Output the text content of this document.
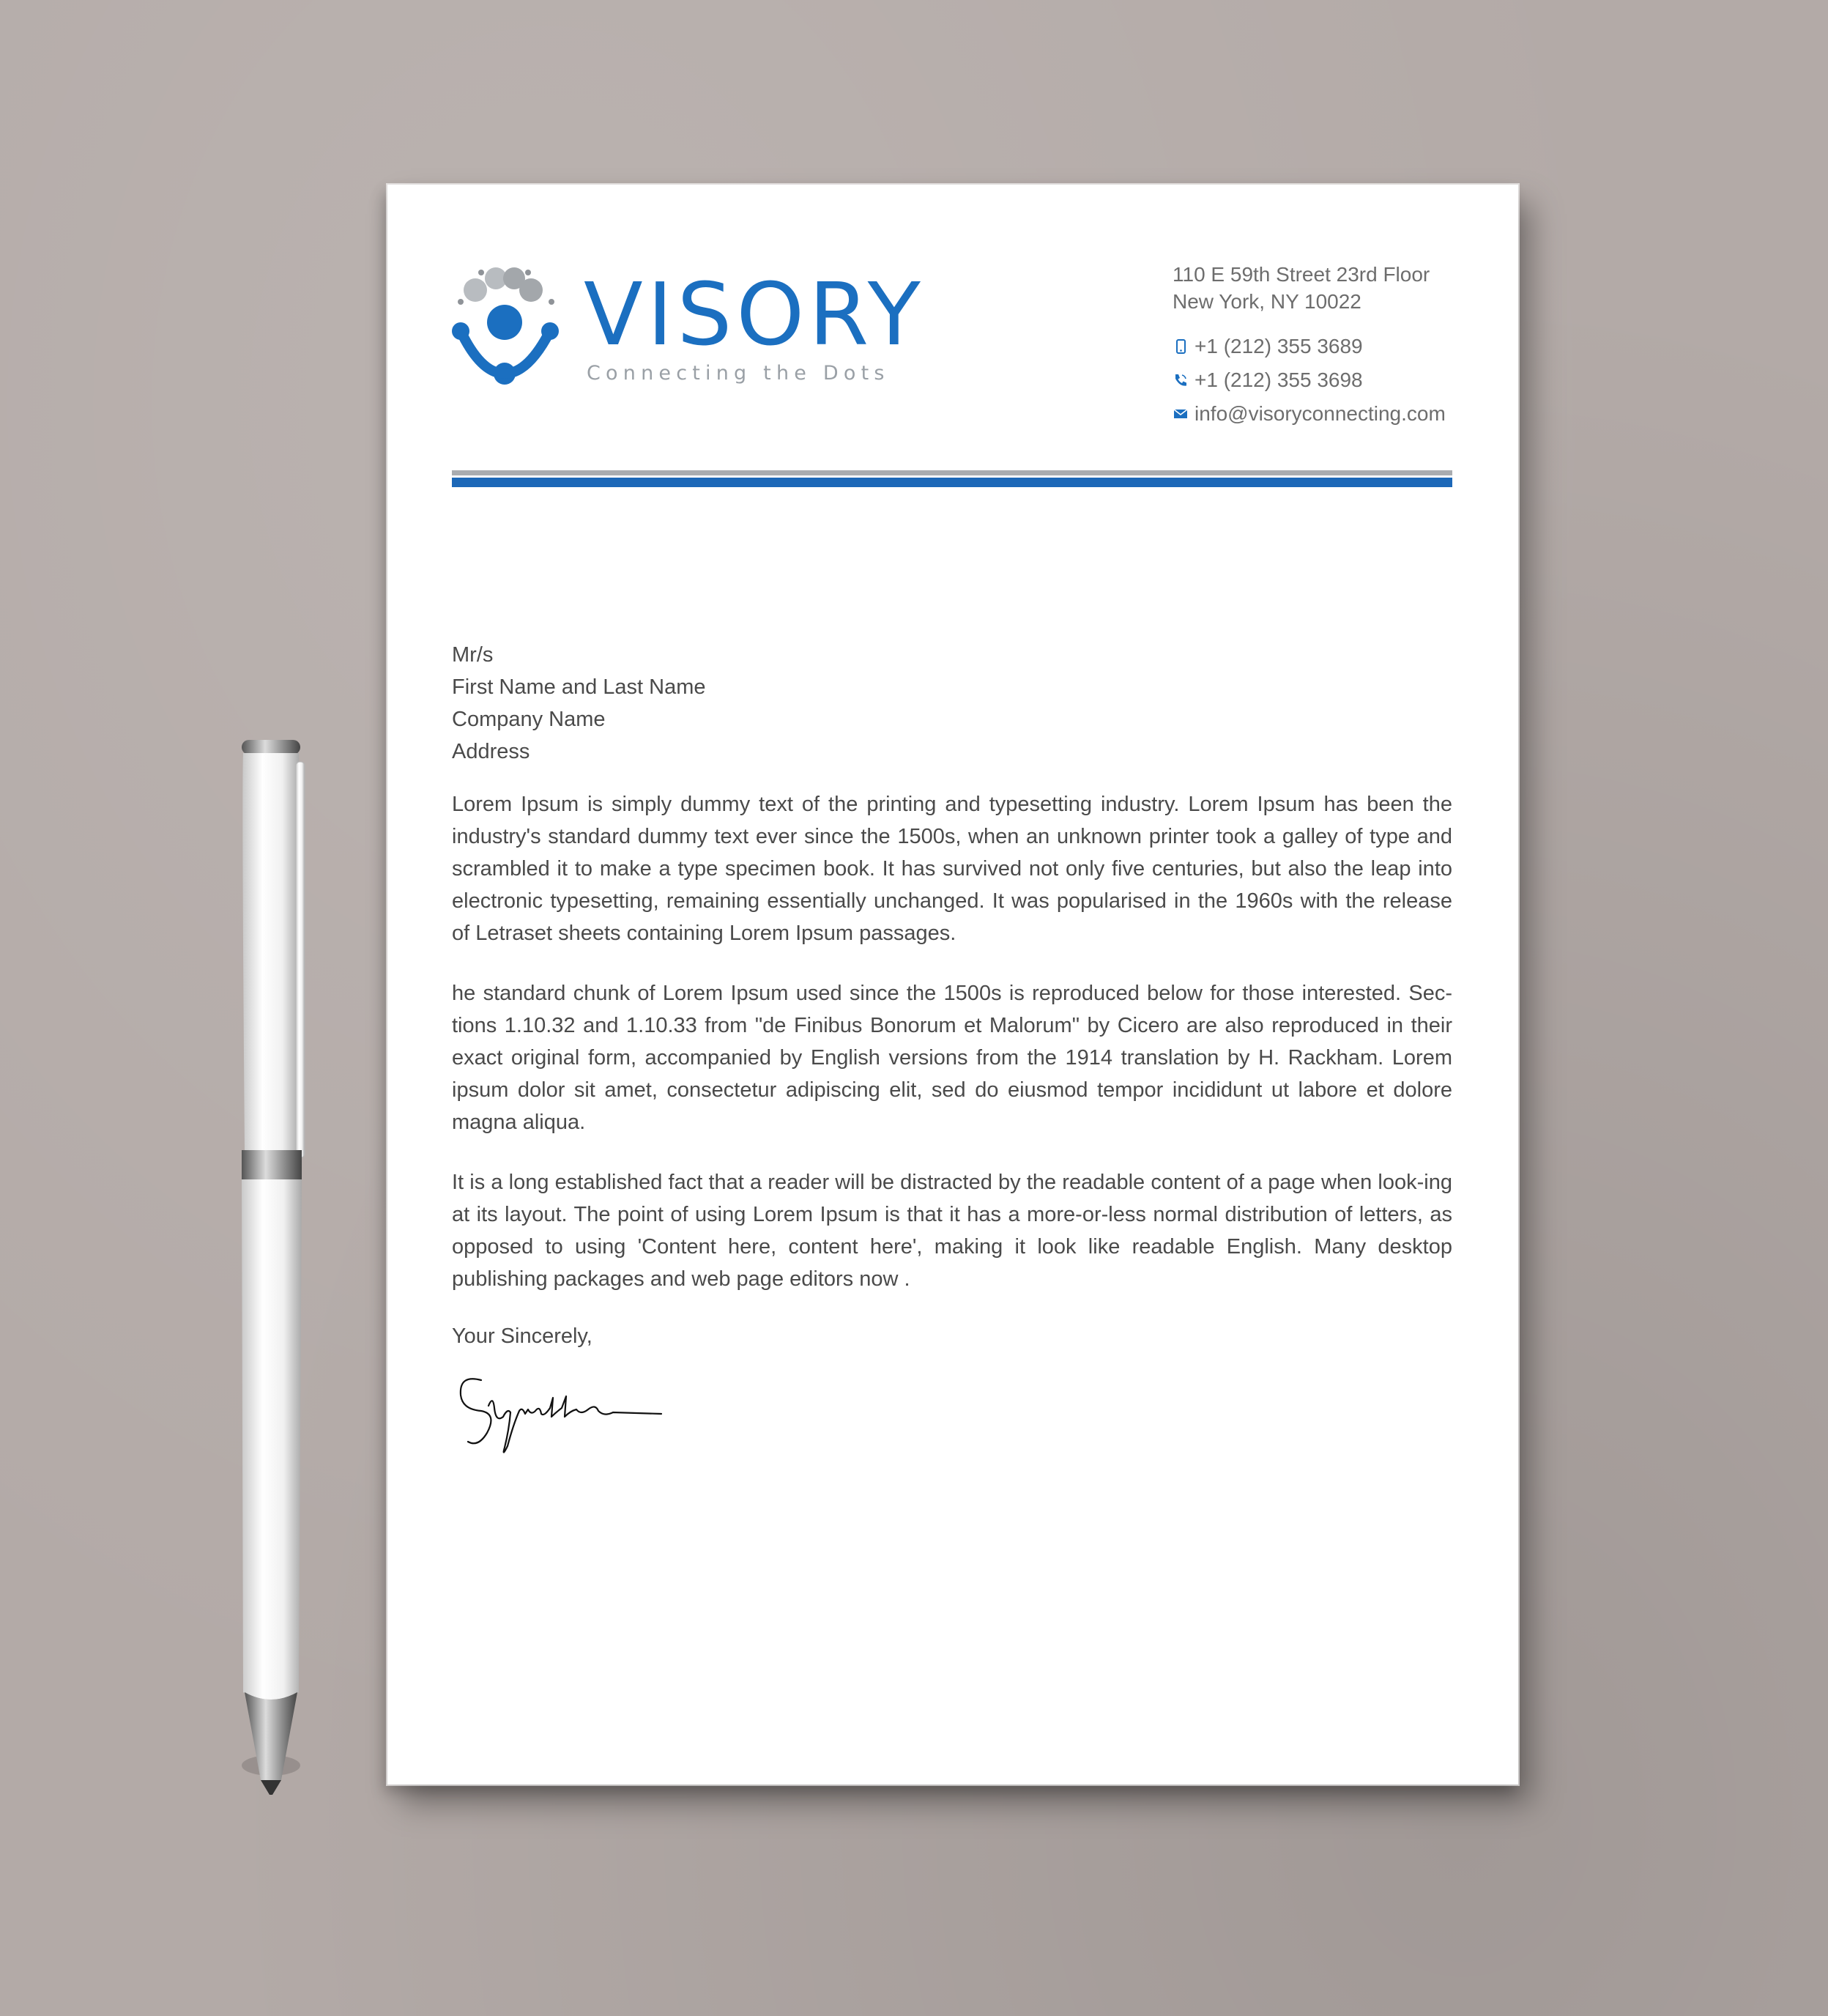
VISORY
Connecting the Dots
110 E 59th Street 23rd Floor
New York, NY 10022
+1 (212) 355 3689
+1 (212) 355 3698
info@visoryconnecting.com
Mr/s
First Name and Last Name
Company Name
Address

Lorem Ipsum is simply dummy text of the printing and typesetting industry. Lorem Ipsum has been the industry's standard dummy text ever since the 1500s, when an unknown printer took a galley of type and scrambled it to make a type specimen book. It has survived not only five centuries, but also the leap into electronic typesetting, remaining essentially unchanged. It was popularised in the 1960s with the release of Letraset sheets containing Lorem Ipsum passages.

he standard chunk of Lorem Ipsum used since the 1500s is reproduced below for those interested. Sec-tions 1.10.32 and 1.10.33 from "de Finibus Bonorum et Malorum" by Cicero are also reproduced in their exact original form, accompanied by English versions from the 1914 translation by H. Rackham. Lorem ipsum dolor sit amet, consectetur adipiscing elit, sed do eiusmod tempor incididunt ut labore et dolore magna aliqua.

It is a long established fact that a reader will be distracted by the readable content of a page when look-ing at its layout. The point of using Lorem Ipsum is that it has a more-or-less normal distribution of letters, as opposed to using 'Content here, content here', making it look like readable English. Many desktop publishing packages and web page editors now .

Your Sincerely,
